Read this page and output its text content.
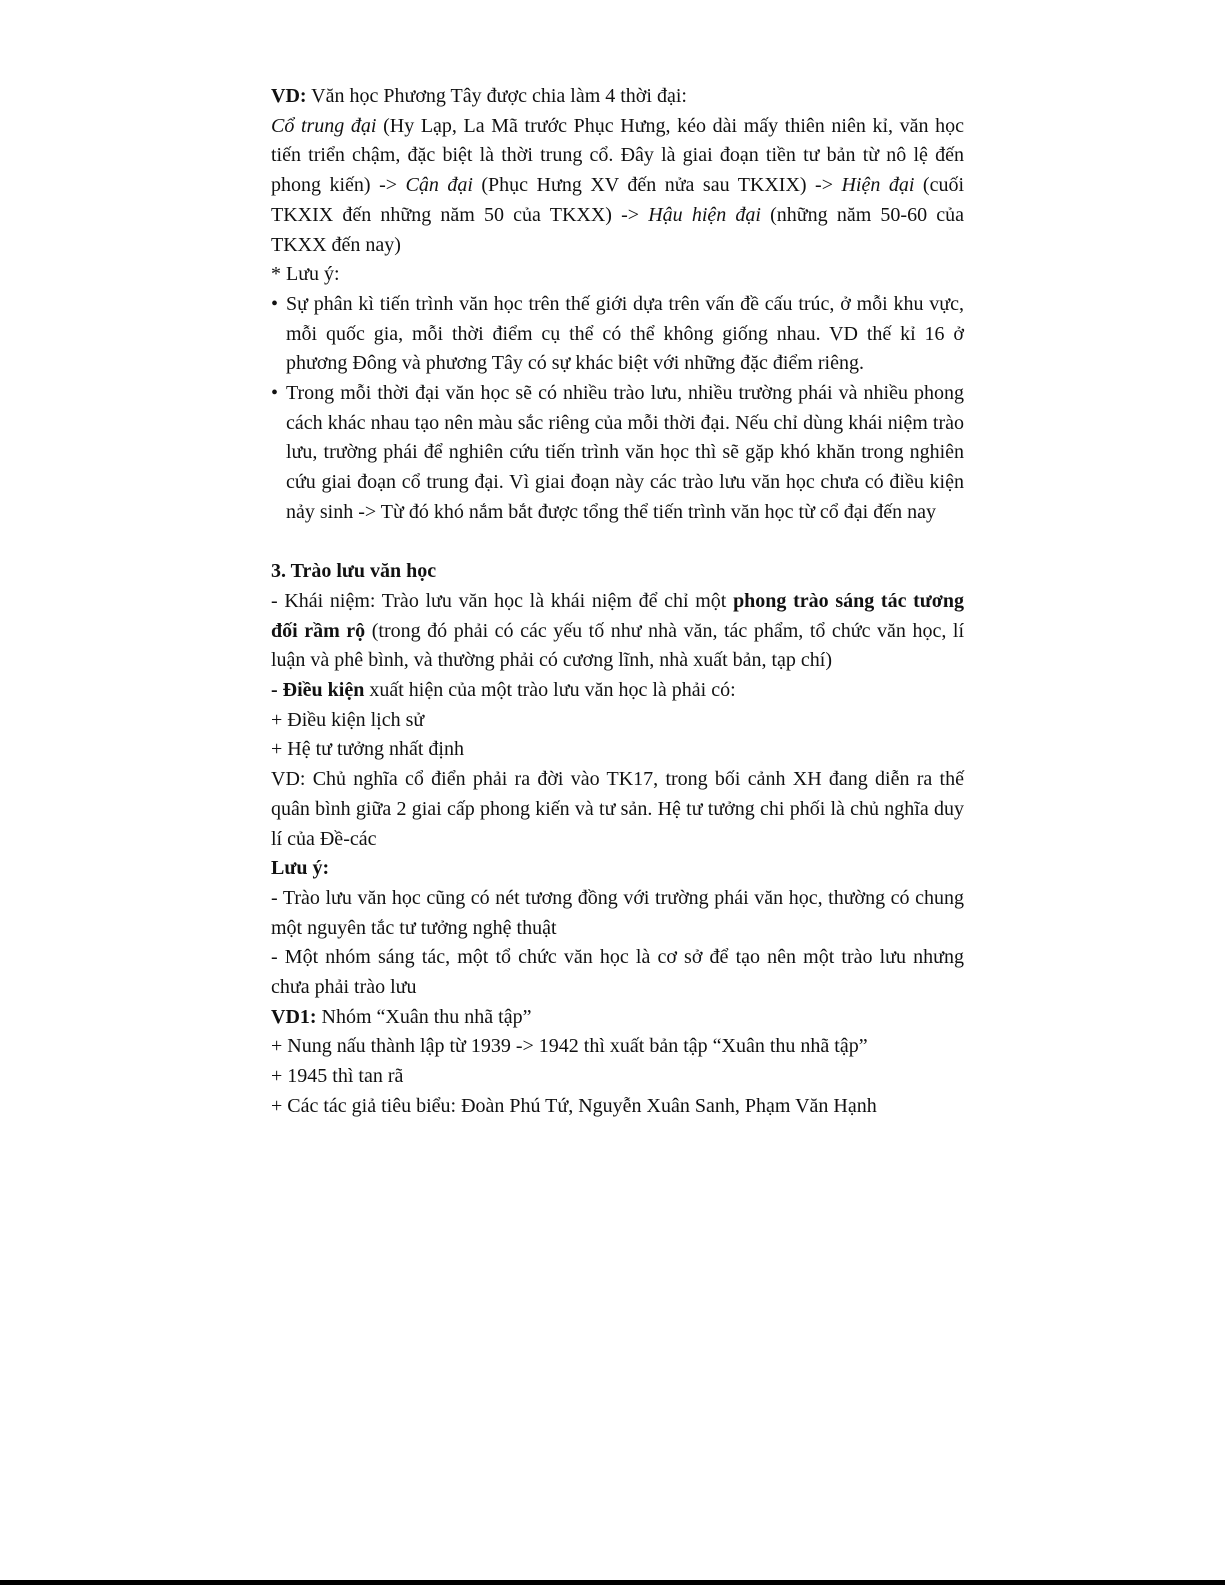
VD: Văn học Phương Tây được chia làm 4 thời đại:

Cổ trung đại (Hy Lạp, La Mã trước Phục Hưng, kéo dài mấy thiên niên kỉ, văn học tiến triển chậm, đặc biệt là thời trung cổ. Đây là giai đoạn tiền tư bản từ nô lệ đến phong kiến) -> Cận đại (Phục Hưng XV đến nửa sau TKXIX) -> Hiện đại (cuối TKXIX đến những năm 50 của TKXX) -> Hậu hiện đại (những năm 50-60 của TKXX đến nay)

* Lưu ý:

• Sự phân kì tiến trình văn học trên thế giới dựa trên vấn đề cấu trúc, ở mỗi khu vực, mỗi quốc gia, mỗi thời điểm cụ thể có thể không giống nhau. VD thế kỉ 16 ở phương Đông và phương Tây có sự khác biệt với những đặc điểm riêng.
• Trong mỗi thời đại văn học sẽ có nhiều trào lưu, nhiều trường phái và nhiều phong cách khác nhau tạo nên màu sắc riêng của mỗi thời đại. Nếu chỉ dùng khái niệm trào lưu, trường phái để nghiên cứu tiến trình văn học thì sẽ gặp khó khăn trong nghiên cứu giai đoạn cổ trung đại. Vì giai đoạn này các trào lưu văn học chưa có điều kiện nảy sinh -> Từ đó khó nắm bắt được tổng thể tiến trình văn học từ cổ đại đến nay

3. Trào lưu văn học

- Khái niệm: Trào lưu văn học là khái niệm để chỉ một phong trào sáng tác tương đối rầm rộ (trong đó phải có các yếu tố như nhà văn, tác phẩm, tổ chức văn học, lí luận và phê bình, và thường phải có cương lĩnh, nhà xuất bản, tạp chí)

- Điều kiện xuất hiện của một trào lưu văn học là phải có:

+ Điều kiện lịch sử

+ Hệ tư tưởng nhất định

VD: Chủ nghĩa cổ điển phải ra đời vào TK17, trong bối cảnh XH đang diễn ra thế quân bình giữa 2 giai cấp phong kiến và tư sản. Hệ tư tưởng chi phối là chủ nghĩa duy lí của Đề-các

Lưu ý:

- Trào lưu văn học cũng có nét tương đồng với trường phái văn học, thường có chung một nguyên tắc tư tưởng nghệ thuật

- Một nhóm sáng tác, một tổ chức văn học là cơ sở để tạo nên một trào lưu nhưng chưa phải trào lưu

VD1: Nhóm “Xuân thu nhã tập”

+ Nung nấu thành lập từ 1939 -> 1942 thì xuất bản tập “Xuân thu nhã tập”

+ 1945 thì tan rã

+ Các tác giả tiêu biểu: Đoàn Phú Tứ, Nguyễn Xuân Sanh, Phạm Văn Hạnh
